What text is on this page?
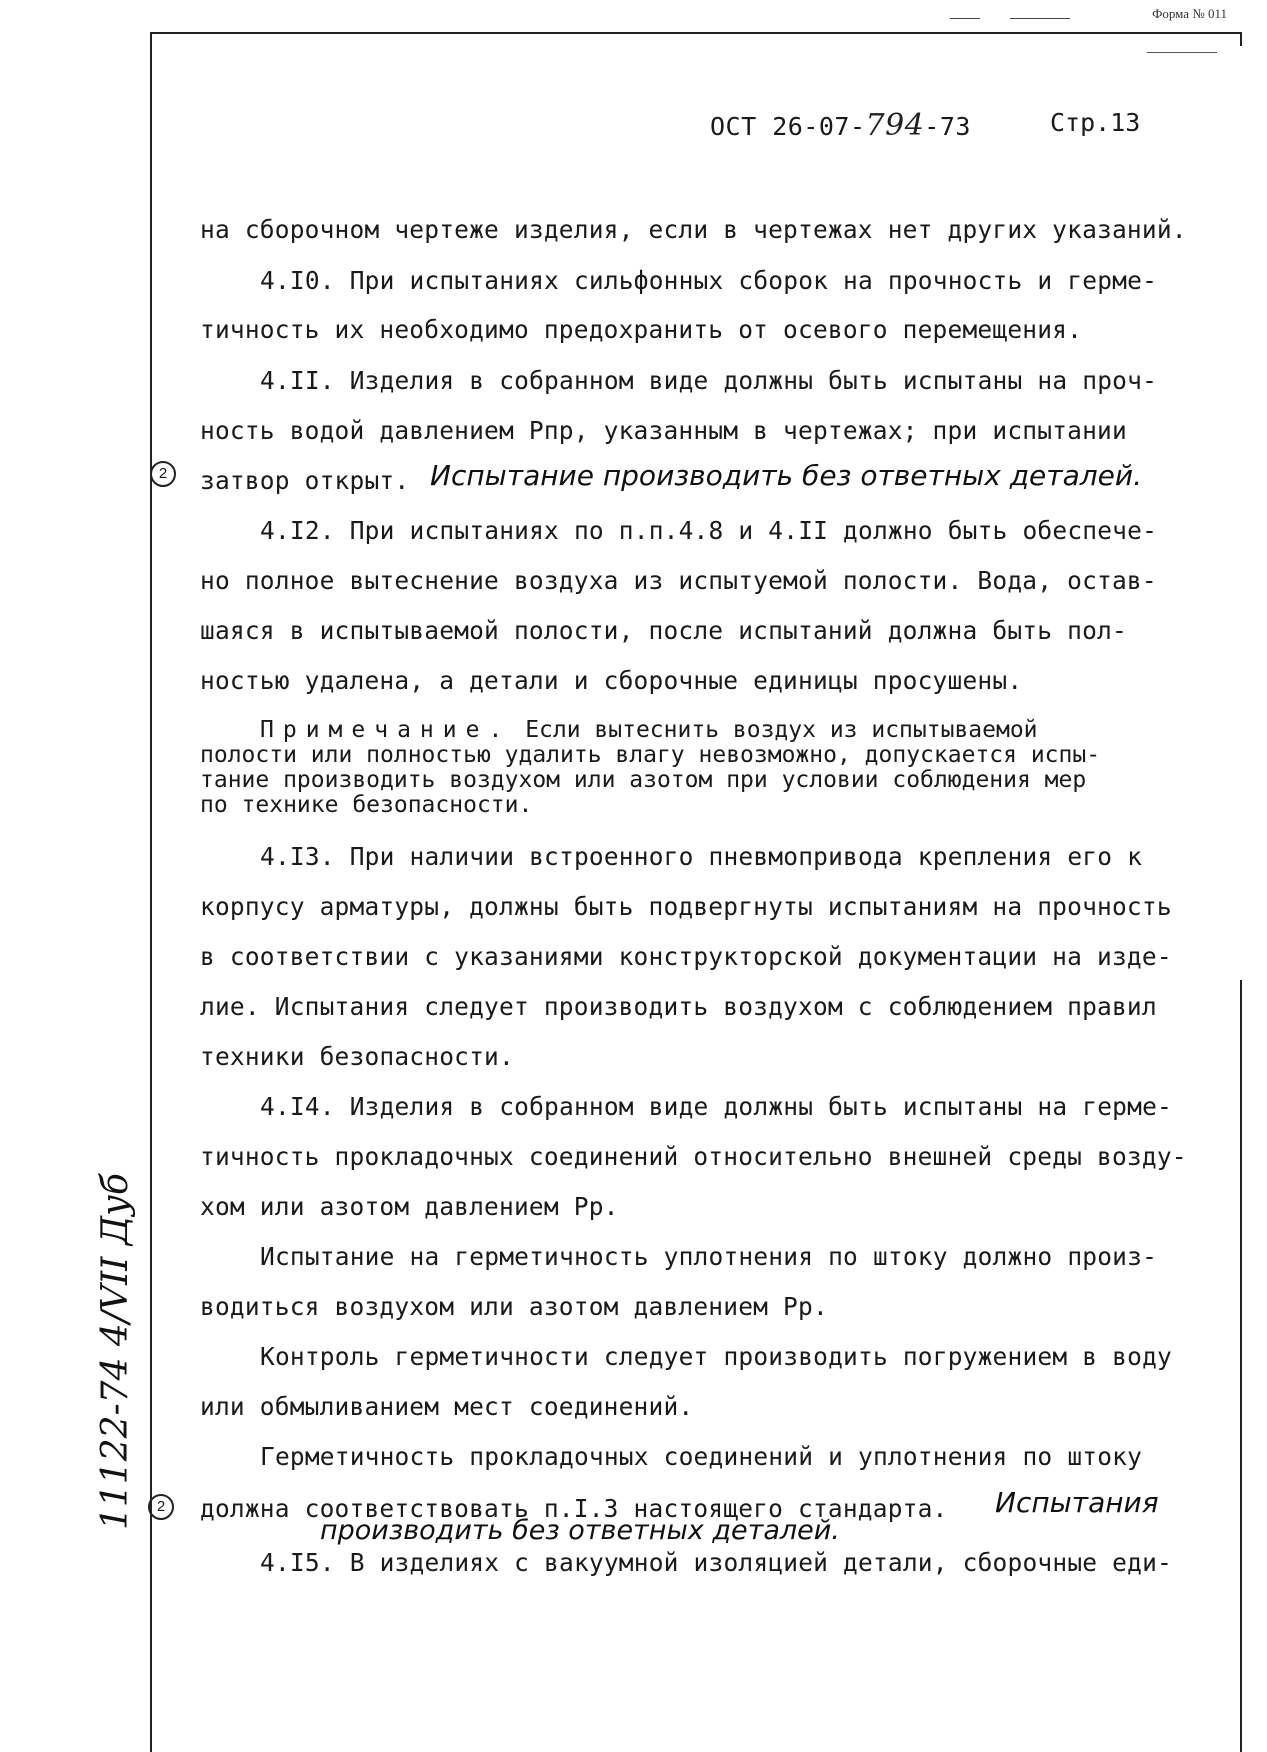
Форма № 011
ОСТ 26-07-794-73	Стр.13
на сборочном чертеже изделия, если в чертежах нет других указаний.
4.I0. При испытаниях сильфонных сборок на прочность и герме-
тичность их необходимо предохранить от осевого перемещения.
4.II. Изделия в собранном виде должны быть испытаны на проч-
ность водой давлением Рпр, указанным в чертежах; при испытании
2	затвор открыт. Испытание производить без ответных деталей.
4.I2. При испытаниях по п.п.4.8 и 4.II должно быть обеспече-
но полное вытеснение воздуха из испытуемой полости. Вода, остав-
шаяся в испытываемой полости, после испытаний должна быть пол-
ностью удалена, а детали и сборочные единицы просушены.
Примечание. Если вытеснить воздух из испытываемой
полости или полностью удалить влагу невозможно, допускается испы-
тание производить воздухом или азотом при условии соблюдения мер
по технике безопасности.
4.I3. При наличии встроенного пневмопривода крепления его к
корпусу арматуры, должны быть подвергнуты испытаниям на прочность
в соответствии с указаниями конструкторской документации на изде-
лие. Испытания следует производить воздухом с соблюдением правил
техники безопасности.
4.I4. Изделия в собранном виде должны быть испытаны на герме-
тичность прокладочных соединений относительно внешней среды возду-
хом или азотом давлением Рр.
Испытание на герметичность уплотнения по штоку должно произ-
водиться воздухом или азотом давлением Рр.
Контроль герметичности следует производить погружением в воду
или обмыливанием мест соединений.
Герметичность прокладочных соединений и уплотнения по штоку
2	должна соответствовать п.I.3 настоящего стандарта. Испытания
производить без ответных деталей.
4.I5. В изделиях с вакуумной изоляцией детали, сборочные еди-
11122-74 4/VII Дуб
